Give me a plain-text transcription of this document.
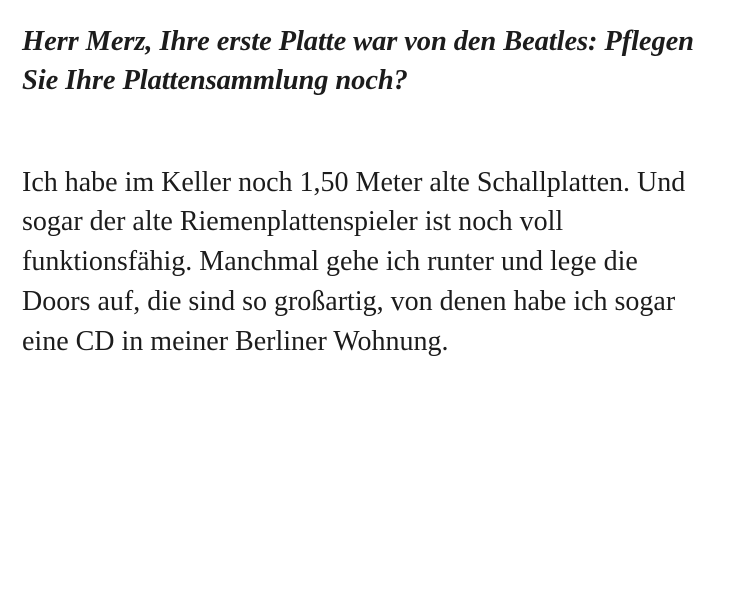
Herr Merz, Ihre erste Platte war von den Beatles: Pflegen Sie Ihre Plattensammlung noch?

Ich habe im Keller noch 1,50 Meter alte Schallplatten. Und sogar der alte Riemenplattenspieler ist noch voll funktionsfähig. Manchmal gehe ich runter und lege die Doors auf, die sind so großartig, von denen habe ich sogar eine CD in meiner Berliner Wohnung.
